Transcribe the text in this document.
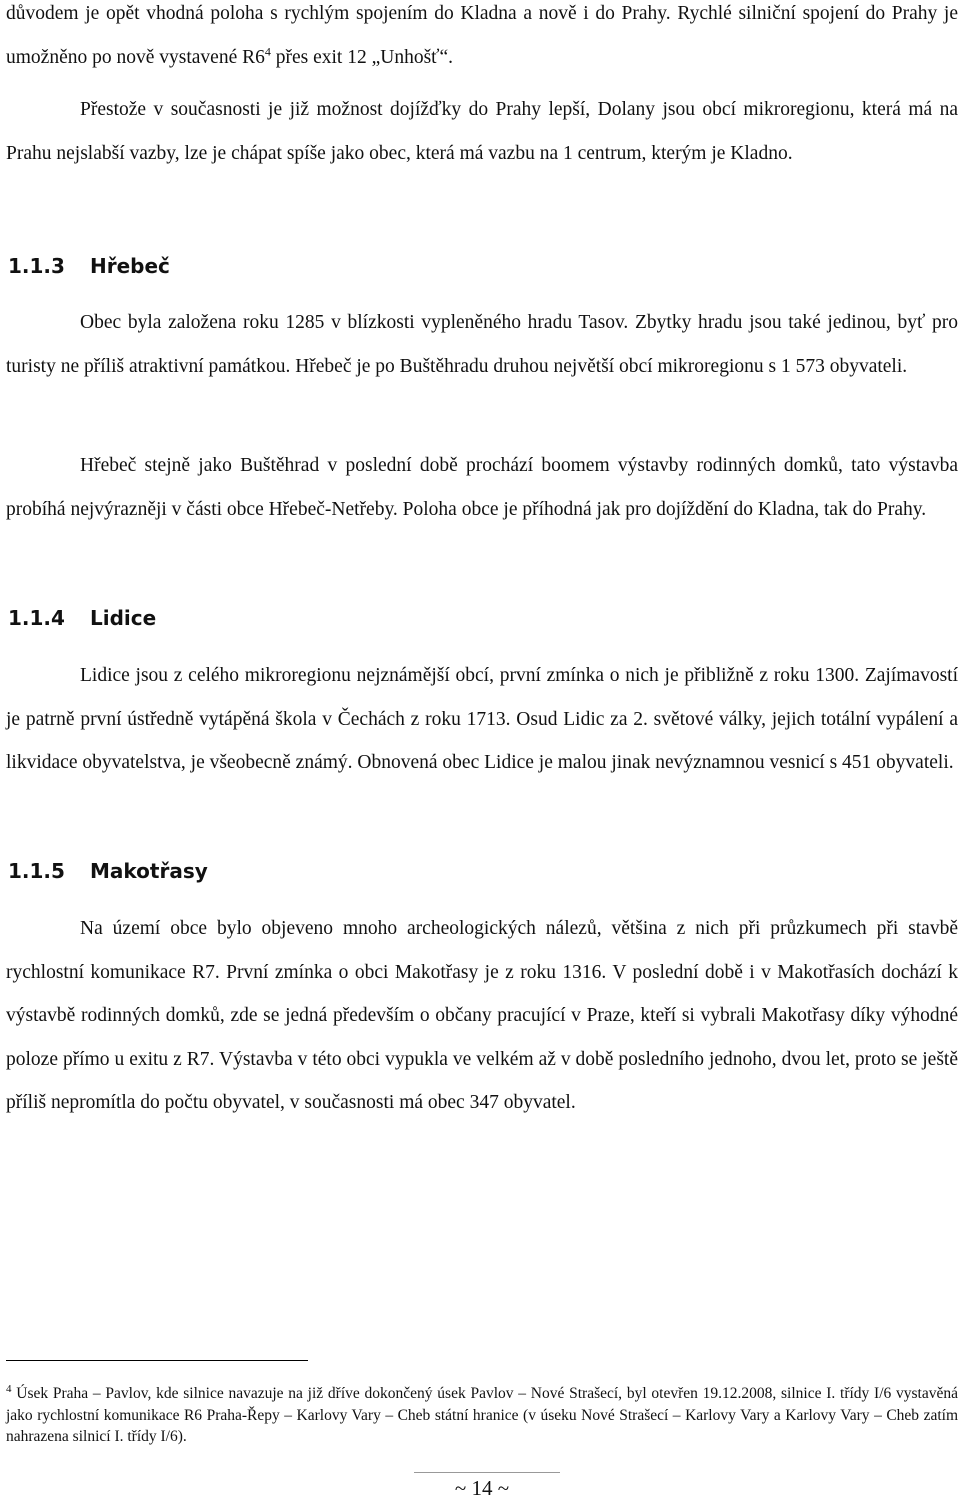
důvodem je opět vhodná poloha s rychlým spojením do Kladna a nově i do Prahy. Rychlé silniční spojení do Prahy je umožněno po nově vystavené $R6^4$ přes exit 12 „Unhošť“.

Přestože v současnosti je již možnost dojížďky do Prahy lepší, Dolany jsou obcí mikroregionu, která má na Prahu nejslabší vazby, lze je chápat spíše jako obec, která má vazbu na 1 centrum, kterým je Kladno.

1.1.3	Hřebeč

Obec byla založena roku 1285 v blízkosti vypleněného hradu Tasov. Zbytky hradu jsou také jedinou, byť pro turisty ne příliš atraktivní památkou. Hřebeč je po Buštěhradu druhou největší obcí mikroregionu s 1 573 obyvateli.

Hřebeč stejně jako Buštěhrad v poslední době prochází boomem výstavby rodinných domků, tato výstavba probíhá nejvýrazněji v části obce Hřebeč-Netřeby. Poloha obce je příhodná jak pro dojíždění do Kladna, tak do Prahy.

1.1.4	Lidice

Lidice jsou z celého mikroregionu nejznámější obcí, první zmínka o nich je přibližně z roku 1300. Zajímavostí je patrně první ústředně vytápěná škola v Čechách z roku 1713. Osud Lidic za 2. světové války, jejich totální vypálení a likvidace obyvatelstva, je všeobecně známý. Obnovená obec Lidice je malou jinak nevýznamnou vesnicí s 451 obyvateli.

1.1.5	Makotřasy

Na území obce bylo objeveno mnoho archeologických nálezů, většina z nich při průzkumech při stavbě rychlostní komunikace R7. První zmínka o obci Makotřasy je z roku 1316. V poslední době i v Makotřasích dochází k výstavbě rodinných domků, zde se jedná především o občany pracující v Praze, kteří si vybrali Makotřasy díky výhodné poloze přímo u exitu z R7. Výstavba v této obci vypukla ve velkém až v době posledního jednoho, dvou let, proto se ještě příliš nepromítla do počtu obyvatel, v současnosti má obec 347 obyvatel.

$^4$ Úsek Praha – Pavlov, kde silnice navazuje na již dříve dokončený úsek Pavlov – Nové Strašecí, byl otevřen 19.12.2008, silnice I. třídy I/6 vystavěná jako rychlostní komunikace R6 Praha-Řepy – Karlovy Vary – Cheb státní hranice (v úseku Nové Strašecí – Karlovy Vary a Karlovy Vary – Cheb zatím nahrazena silnicí I. třídy I/6).

~ 14 ~
